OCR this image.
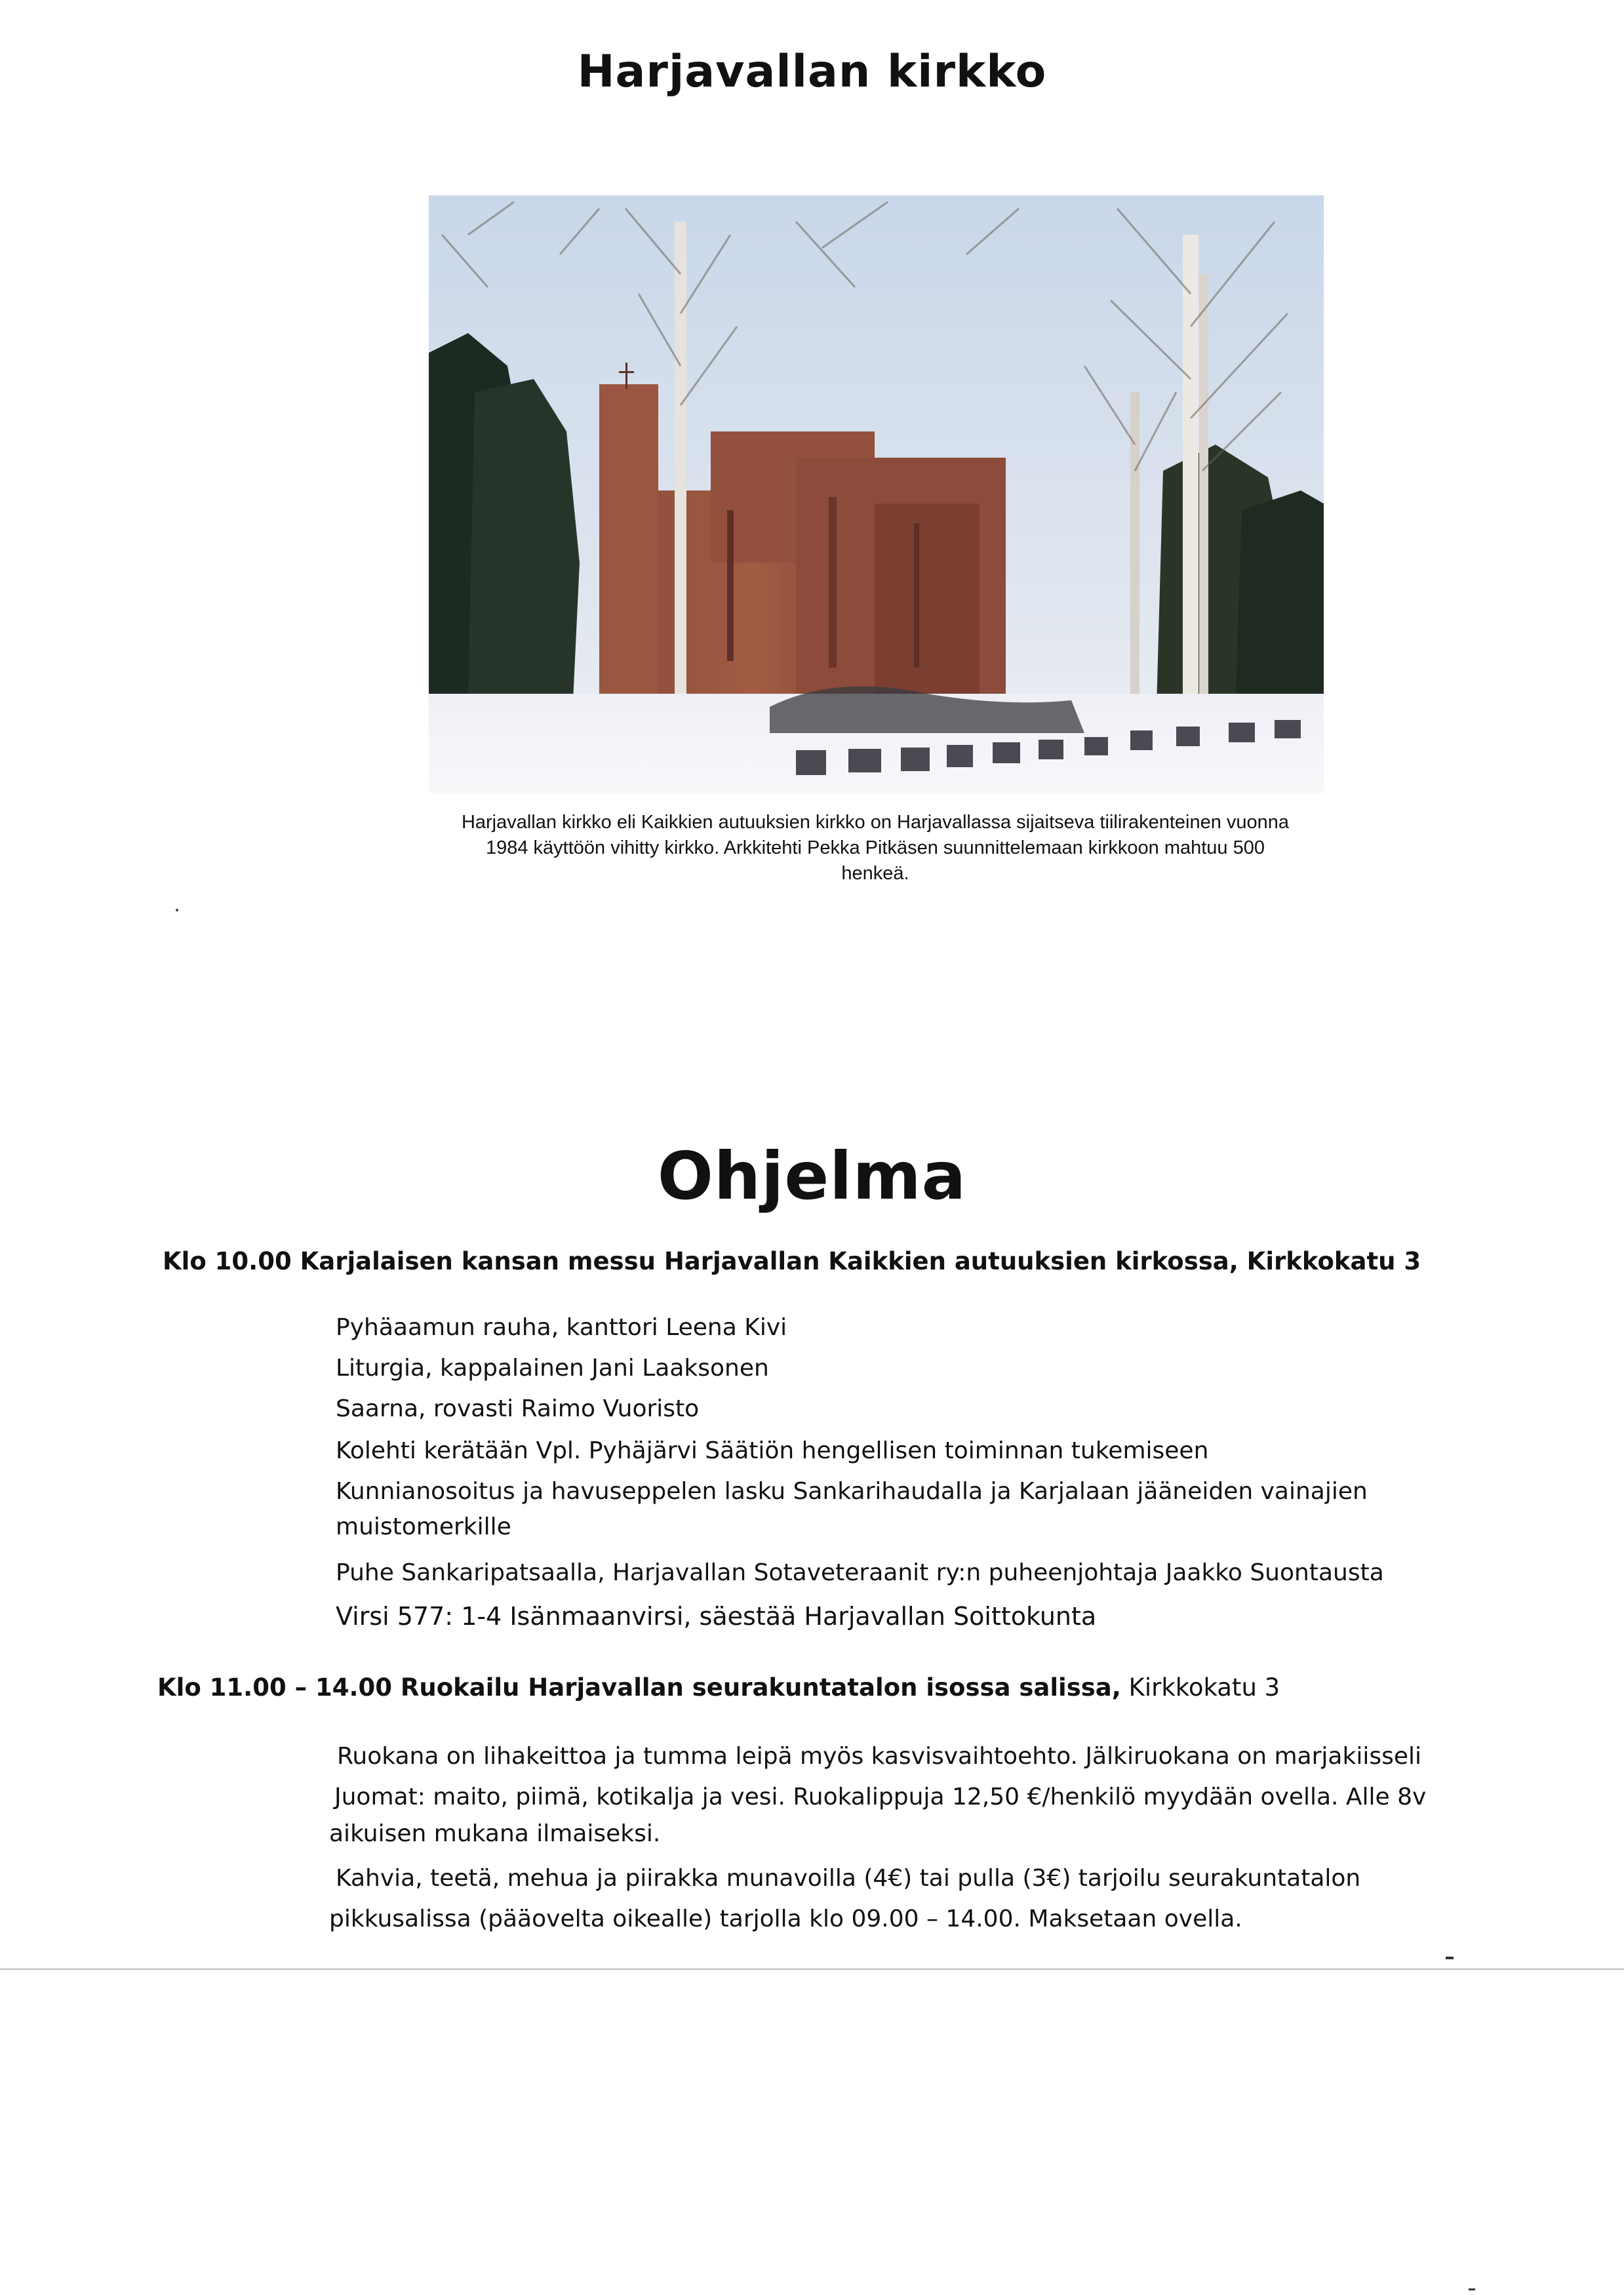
Harjavallan kirkko
Harjavallan kirkko eli Kaikkien autuuksien kirkko on Harjavallassa sijaitseva tiilirakenteinen vuonna
1984 käyttöön vihitty kirkko. Arkkitehti Pekka Pitkäsen suunnittelemaan kirkkoon mahtuu 500
henkeä.
Ohjelma

Klo 10.00 Karjalaisen kansan messu Harjavallan Kaikkien autuuksien kirkossa, Kirkkokatu 3

Pyhäaamun rauha, kanttori Leena Kivi

Liturgia, kappalainen Jani Laaksonen

Saarna, rovasti Raimo Vuoristo

Kolehti kerätään Vpl. Pyhäjärvi Säätiön hengellisen toiminnan tukemiseen

Kunnianosoitus ja havuseppelen lasku Sankarihaudalla ja Karjalaan jääneiden vainajien

muistomerkille

Puhe Sankaripatsaalla, Harjavallan Sotaveteraanit ry:n puheenjohtaja Jaakko Suontausta

Virsi 577: 1-4 Isänmaanvirsi, säestää Harjavallan Soittokunta

Klo 11.00 – 14.00 Ruokailu Harjavallan seurakuntatalon isossa salissa, Kirkkokatu 3

Ruokana on lihakeittoa ja tumma leipä myös kasvisvaihtoehto. Jälkiruokana on marjakiisseli

Juomat: maito, piimä, kotikalja ja vesi. Ruokalippuja 12,50 €/henkilö myydään ovella. Alle 8v

aikuisen mukana ilmaiseksi.

Kahvia, teetä, mehua ja piirakka munavoilla (4€) tai pulla (3€) tarjoilu seurakuntatalon

pikkusalissa (pääovelta oikealle) tarjolla klo 09.00 – 14.00. Maksetaan ovella.
